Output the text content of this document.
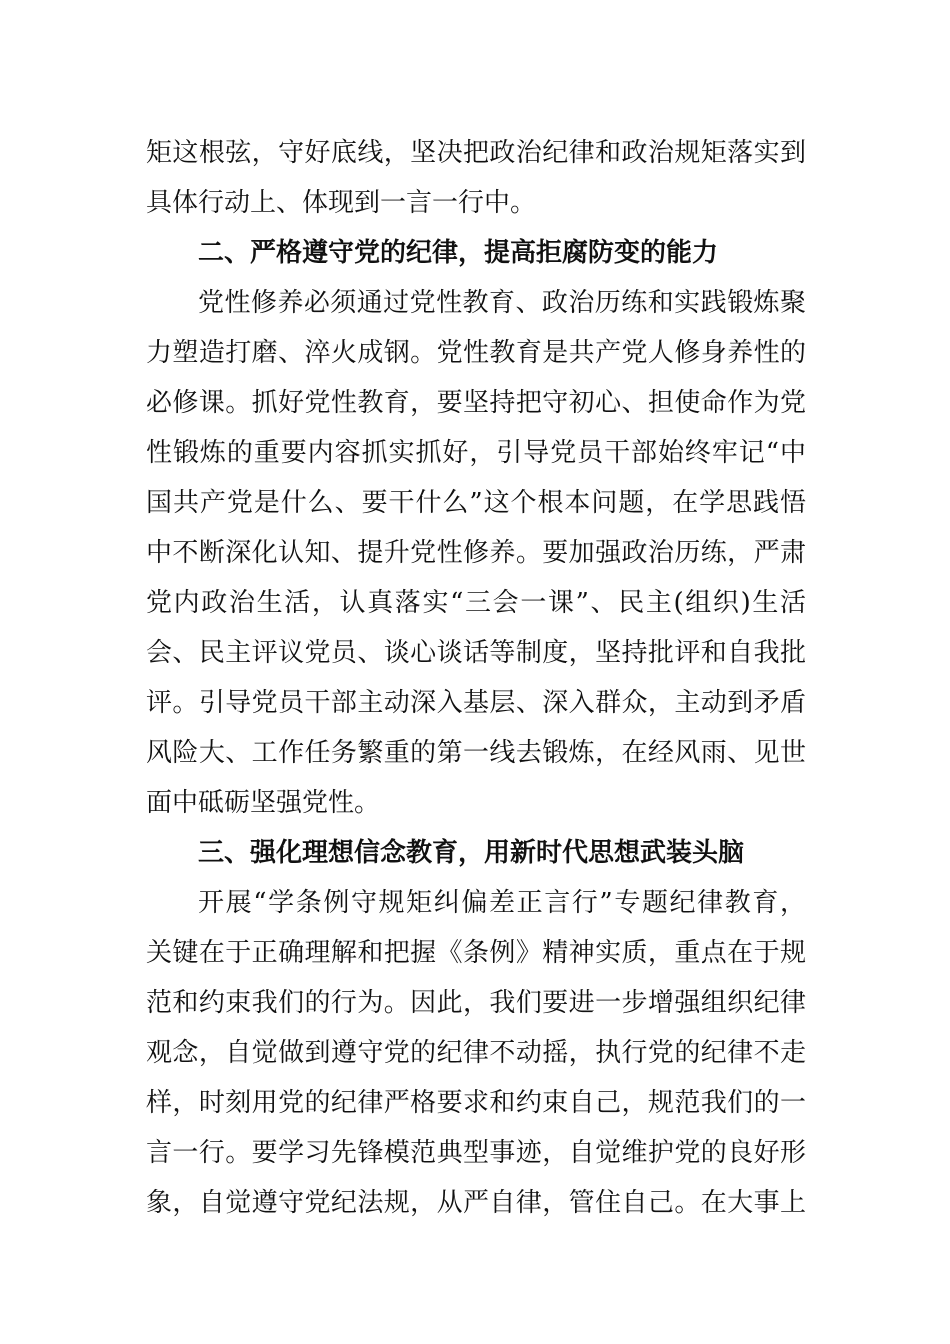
矩这根弦，守好底线，坚决把政治纪律和政治规矩落实到
具体行动上、体现到一言一行中。
二、严格遵守党的纪律，提高拒腐防变的能力
党性修养必须通过党性教育、政治历练和实践锻炼聚
力塑造打磨、淬火成钢。党性教育是共产党人修身养性的
必修课。抓好党性教育，要坚持把守初心、担使命作为党
性锻炼的重要内容抓实抓好，引导党员干部始终牢记“中
国共产党是什么、要干什么”这个根本问题，在学思践悟
中不断深化认知、提升党性修养。要加强政治历练，严肃
党内政治生活，认真落实“三会一课”、民主(组织)生活
会、民主评议党员、谈心谈话等制度，坚持批评和自我批
评。引导党员干部主动深入基层、深入群众，主动到矛盾
风险大、工作任务繁重的第一线去锻炼，在经风雨、见世
面中砥砺坚强党性。
三、强化理想信念教育，用新时代思想武装头脑
开展“学条例守规矩纠偏差正言行”专题纪律教育，
关键在于正确理解和把握《条例》精神实质，重点在于规
范和约束我们的行为。因此，我们要进一步增强组织纪律
观念，自觉做到遵守党的纪律不动摇，执行党的纪律不走
样，时刻用党的纪律严格要求和约束自己，规范我们的一
言一行。要学习先锋模范典型事迹，自觉维护党的良好形
象，自觉遵守党纪法规，从严自律，管住自己。在大事上
